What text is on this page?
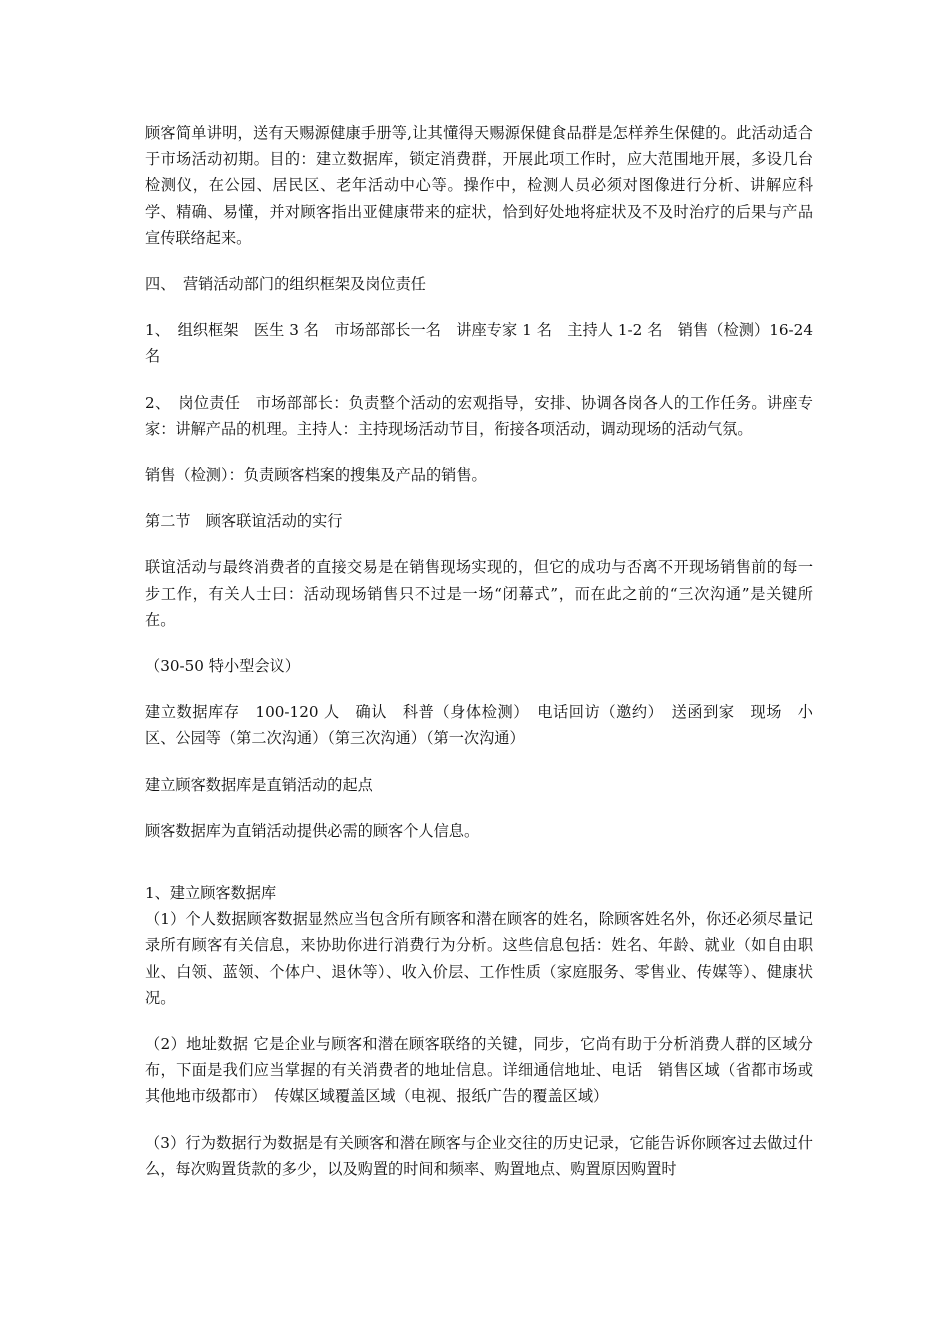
顾客简单讲明，送有天赐源健康手册等,让其懂得天赐源保健食品群是怎样养生保健的。此活动适合于市场活动初期。目的：建立数据库，锁定消费群，开展此项工作时，应大范围地开展，多设几台检测仪，在公园、居民区、老年活动中心等。操作中，检测人员必须对图像进行分析、讲解应科学、精确、易懂，并对顾客指出亚健康带来的症状，恰到好处地将症状及不及时治疗的后果与产品宣传联络起来。

四、　营销活动部门的组织框架及岗位责任

1、　组织框架　医生 3 名　市场部部长一名　讲座专家 1 名　主持人 1-2 名　销售（检测）16-24 名

2、　岗位责任　市场部部长：负责整个活动的宏观指导，安排、协调各岗各人的工作任务。讲座专家：讲解产品的机理。主持人：主持现场活动节目，衔接各项活动，调动现场的活动气氛。

销售（检测）：负责顾客档案的搜集及产品的销售。

第二节　顾客联谊活动的实行

联谊活动与最终消费者的直接交易是在销售现场实现的，但它的成功与否离不开现场销售前的每一步工作，有关人士曰：活动现场销售只不过是一场“闭幕式”，而在此之前的“三次沟通”是关键所在。

（30-50 特小型会议）

建立数据库存　100-120 人　确认　科普（身体检测）　电话回访（邀约）　送函到家　现场　小区、公园等（第二次沟通）（第三次沟通）（第一次沟通）

建立顾客数据库是直销活动的起点

顾客数据库为直销活动提供必需的顾客个人信息。

1、建立顾客数据库

（1）个人数据顾客数据显然应当包含所有顾客和潜在顾客的姓名，除顾客姓名外，你还必须尽量记录所有顾客有关信息，来协助你进行消费行为分析。这些信息包括：姓名、年龄、就业（如自由职业、白领、蓝领、个体户、退休等）、收入价层、工作性质（家庭服务、零售业、传媒等）、健康状况。

（2）地址数据 它是企业与顾客和潜在顾客联络的关键，同步，它尚有助于分析消费人群的区域分布，下面是我们应当掌握的有关消费者的地址信息。详细通信地址、电话　销售区域（省都市场或其他地市级都市）　传媒区域覆盖区域（电视、报纸广告的覆盖区域）

（3）行为数据行为数据是有关顾客和潜在顾客与企业交往的历史记录，它能告诉你顾客过去做过什么，每次购置货款的多少，以及购置的时间和频率、购置地点、购置原因购置时
